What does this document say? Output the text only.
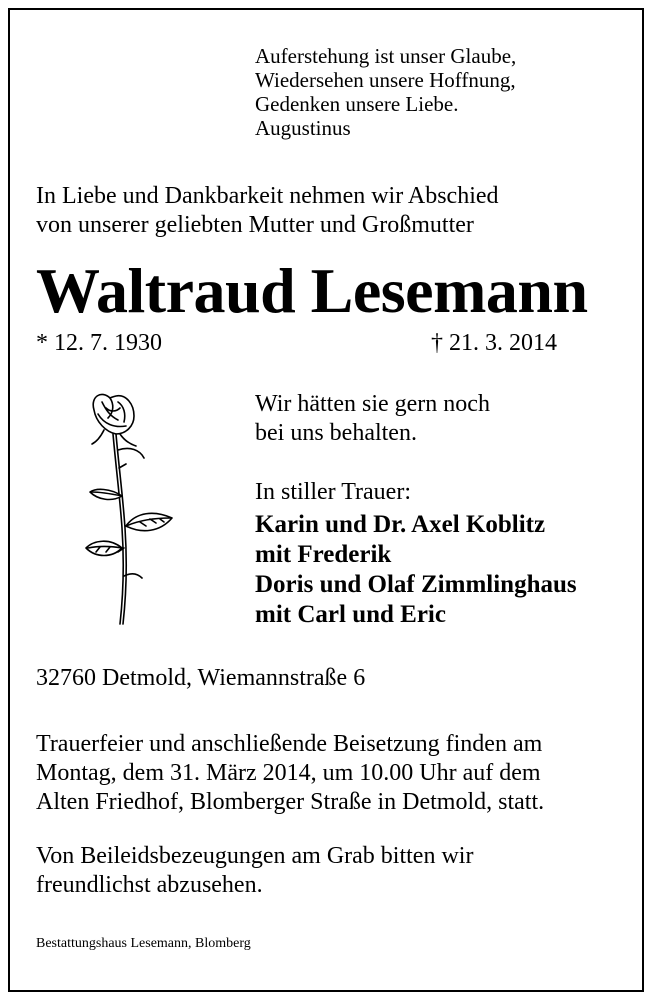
Auferstehung ist unser Glaube,
Wiedersehen unsere Hoffnung,
Gedenken unsere Liebe.
Augustinus

In Liebe und Dankbarkeit nehmen wir Abschied
von unserer geliebten Mutter und Großmutter

Waltraud Lesemann
* 12. 7. 1930	† 21. 3. 2014

Wir hätten sie gern noch
bei uns behalten.

In stiller Trauer:

Karin und Dr. Axel Koblitz
mit Frederik
Doris und Olaf Zimmlinghaus
mit Carl und Eric

32760 Detmold, Wiemannstraße 6

Trauerfeier und anschließende Beisetzung finden am
Montag, dem 31. März 2014, um 10.00 Uhr auf dem
Alten Friedhof, Blomberger Straße in Detmold, statt.

Von Beileidsbezeugungen am Grab bitten wir
freundlichst abzusehen.

Bestattungshaus Lesemann, Blomberg
